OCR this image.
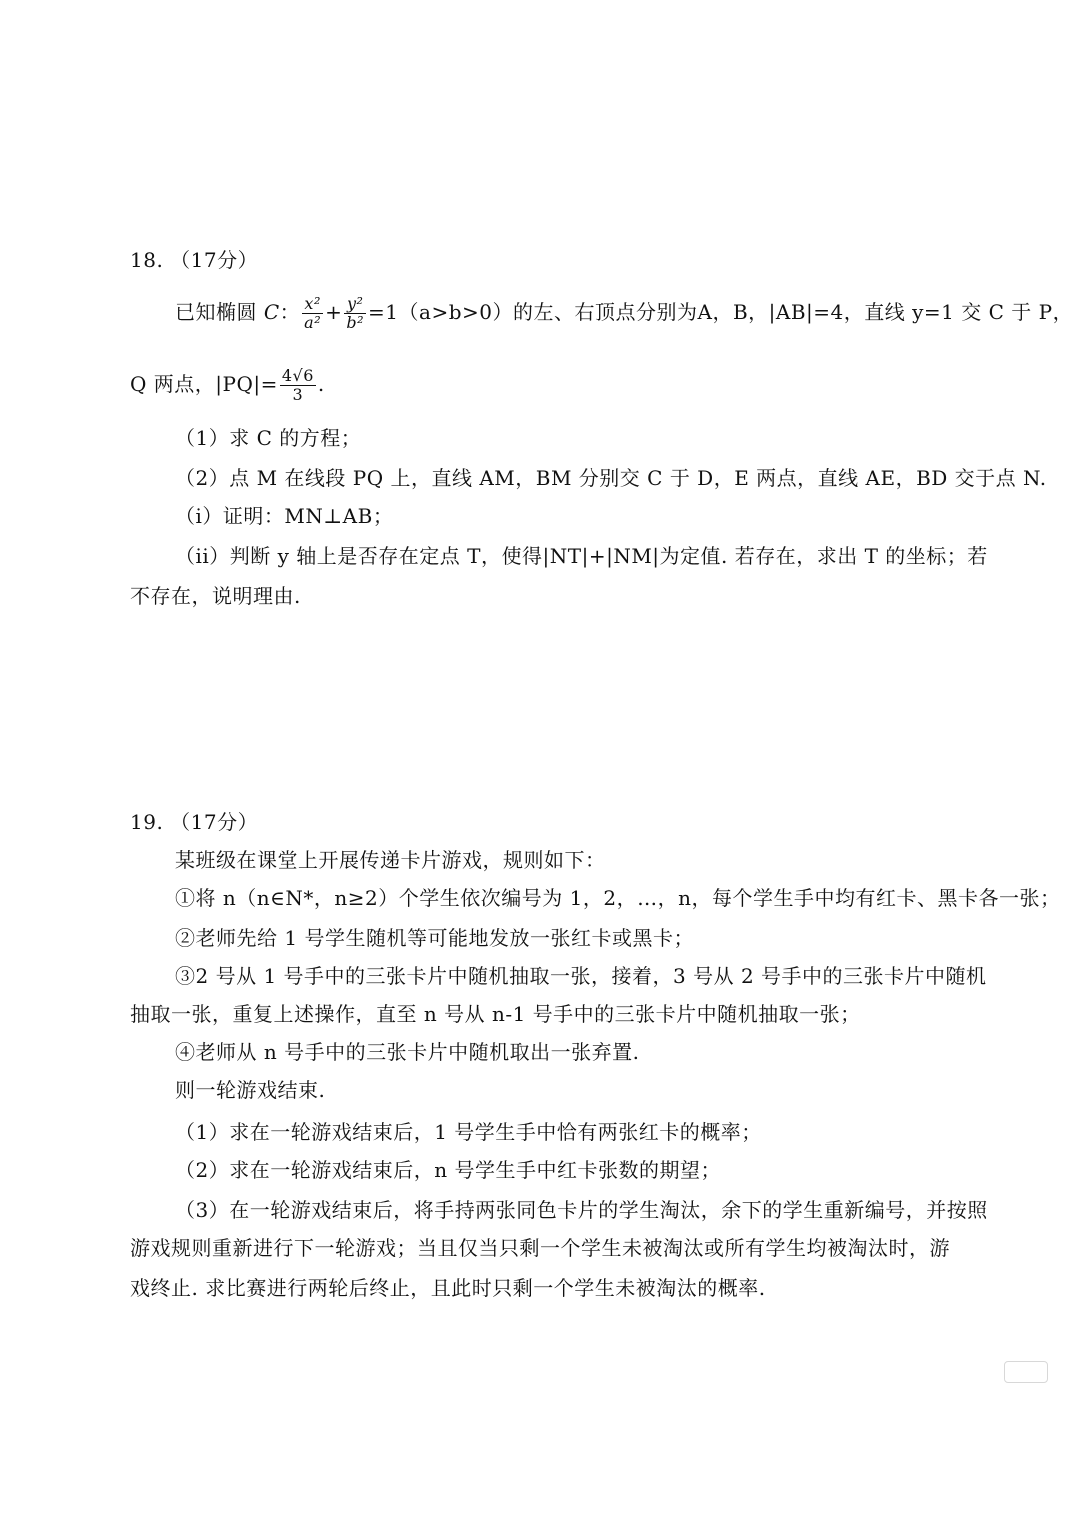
18. （17分）
已知椭圆 C： $\frac{\text{x²}}{\text{a²}} + \frac{\text{y²}}{\text{b²}} =1(a>b>0)$的左、右顶点分别为A，B，|AB|=4，直线 y=1 交 C 于 P，
Q 两点，$|PQ|= \frac{4√6}{3}$ .
（1）求 C 的方程；
（2）点 M 在线段 PQ 上，直线 AM，BM 分别交 C 于 D，E 两点，直线 AE，BD 交于点 N.
（i）证明：MN⊥AB；
（ii）判断 y 轴上是否存在定点 T，使得|NT|+|NM|为定值. 若存在，求出 T 的坐标；若
不存在，说明理由.
19. （17分）
某班级在课堂上开展传递卡片游戏，规则如下：
①将 n（n∈N*，n≥2）个学生依次编号为 1，2，…，n，每个学生手中均有红卡、黑卡各一张；
②老师先给 1 号学生随机等可能地发放一张红卡或黑卡；
③2 号从 1 号手中的三张卡片中随机抽取一张，接着，3 号从 2 号手中的三张卡片中随机
抽取一张，重复上述操作，直至 n 号从 n-1 号手中的三张卡片中随机抽取一张；
④老师从 n 号手中的三张卡片中随机取出一张弃置.
则一轮游戏结束.
（1）求在一轮游戏结束后，1 号学生手中恰有两张红卡的概率；
（2）求在一轮游戏结束后，n 号学生手中红卡张数的期望；
（3）在一轮游戏结束后，将手持两张同色卡片的学生淘汰，余下的学生重新编号，并按照
游戏规则重新进行下一轮游戏；当且仅当只剩一个学生未被淘汰或所有学生均被淘汰时，游
戏终止. 求比赛进行两轮后终止，且此时只剩一个学生未被淘汰的概率.
